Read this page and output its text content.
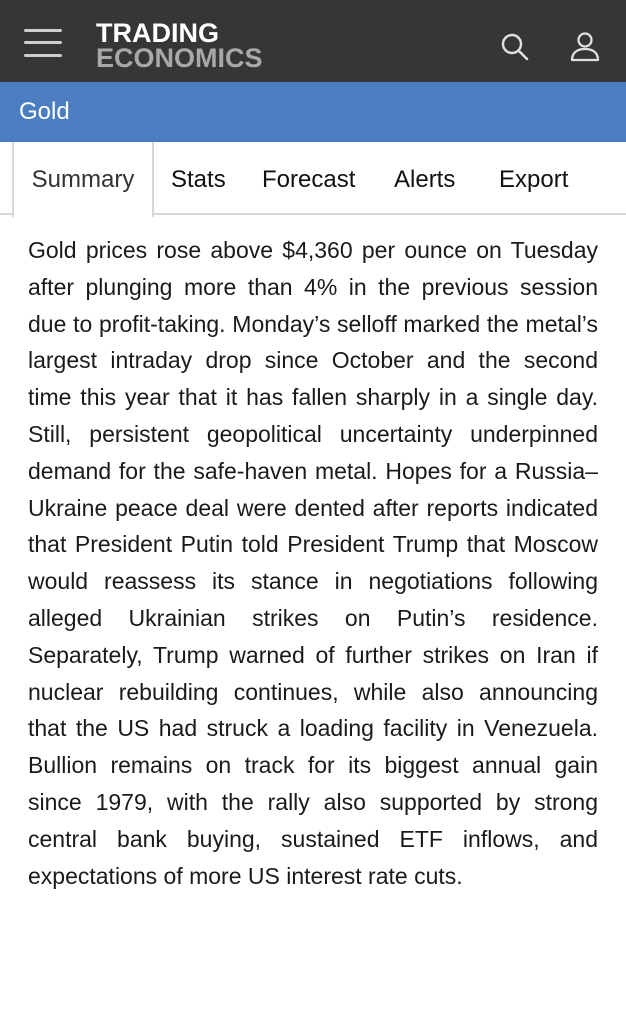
TRADING
ECONOMICS
Gold
Summary	Stats Forecast Alerts Export
Gold prices rose above $4,360 per ounce on Tuesday after plunging more than 4% in the previous session due to profit-taking. Monday’s selloff marked the metal’s largest intraday drop since October and the second time this year that it has fallen sharply in a single day. Still, persistent geopolitical uncertainty underpinned demand for the safe-haven metal. Hopes for a Russia–Ukraine peace deal were dented after reports indicated that President Putin told President Trump that Moscow would reassess its stance in negotiations following alleged Ukrainian strikes on Putin’s residence. Separately, Trump warned of further strikes on Iran if nuclear rebuilding continues, while also announcing that the US had struck a loading facility in Venezuela. Bullion remains on track for its biggest annual gain since 1979, with the rally also supported by strong central bank buying, sustained ETF inflows, and expectations of more US interest rate cuts.
